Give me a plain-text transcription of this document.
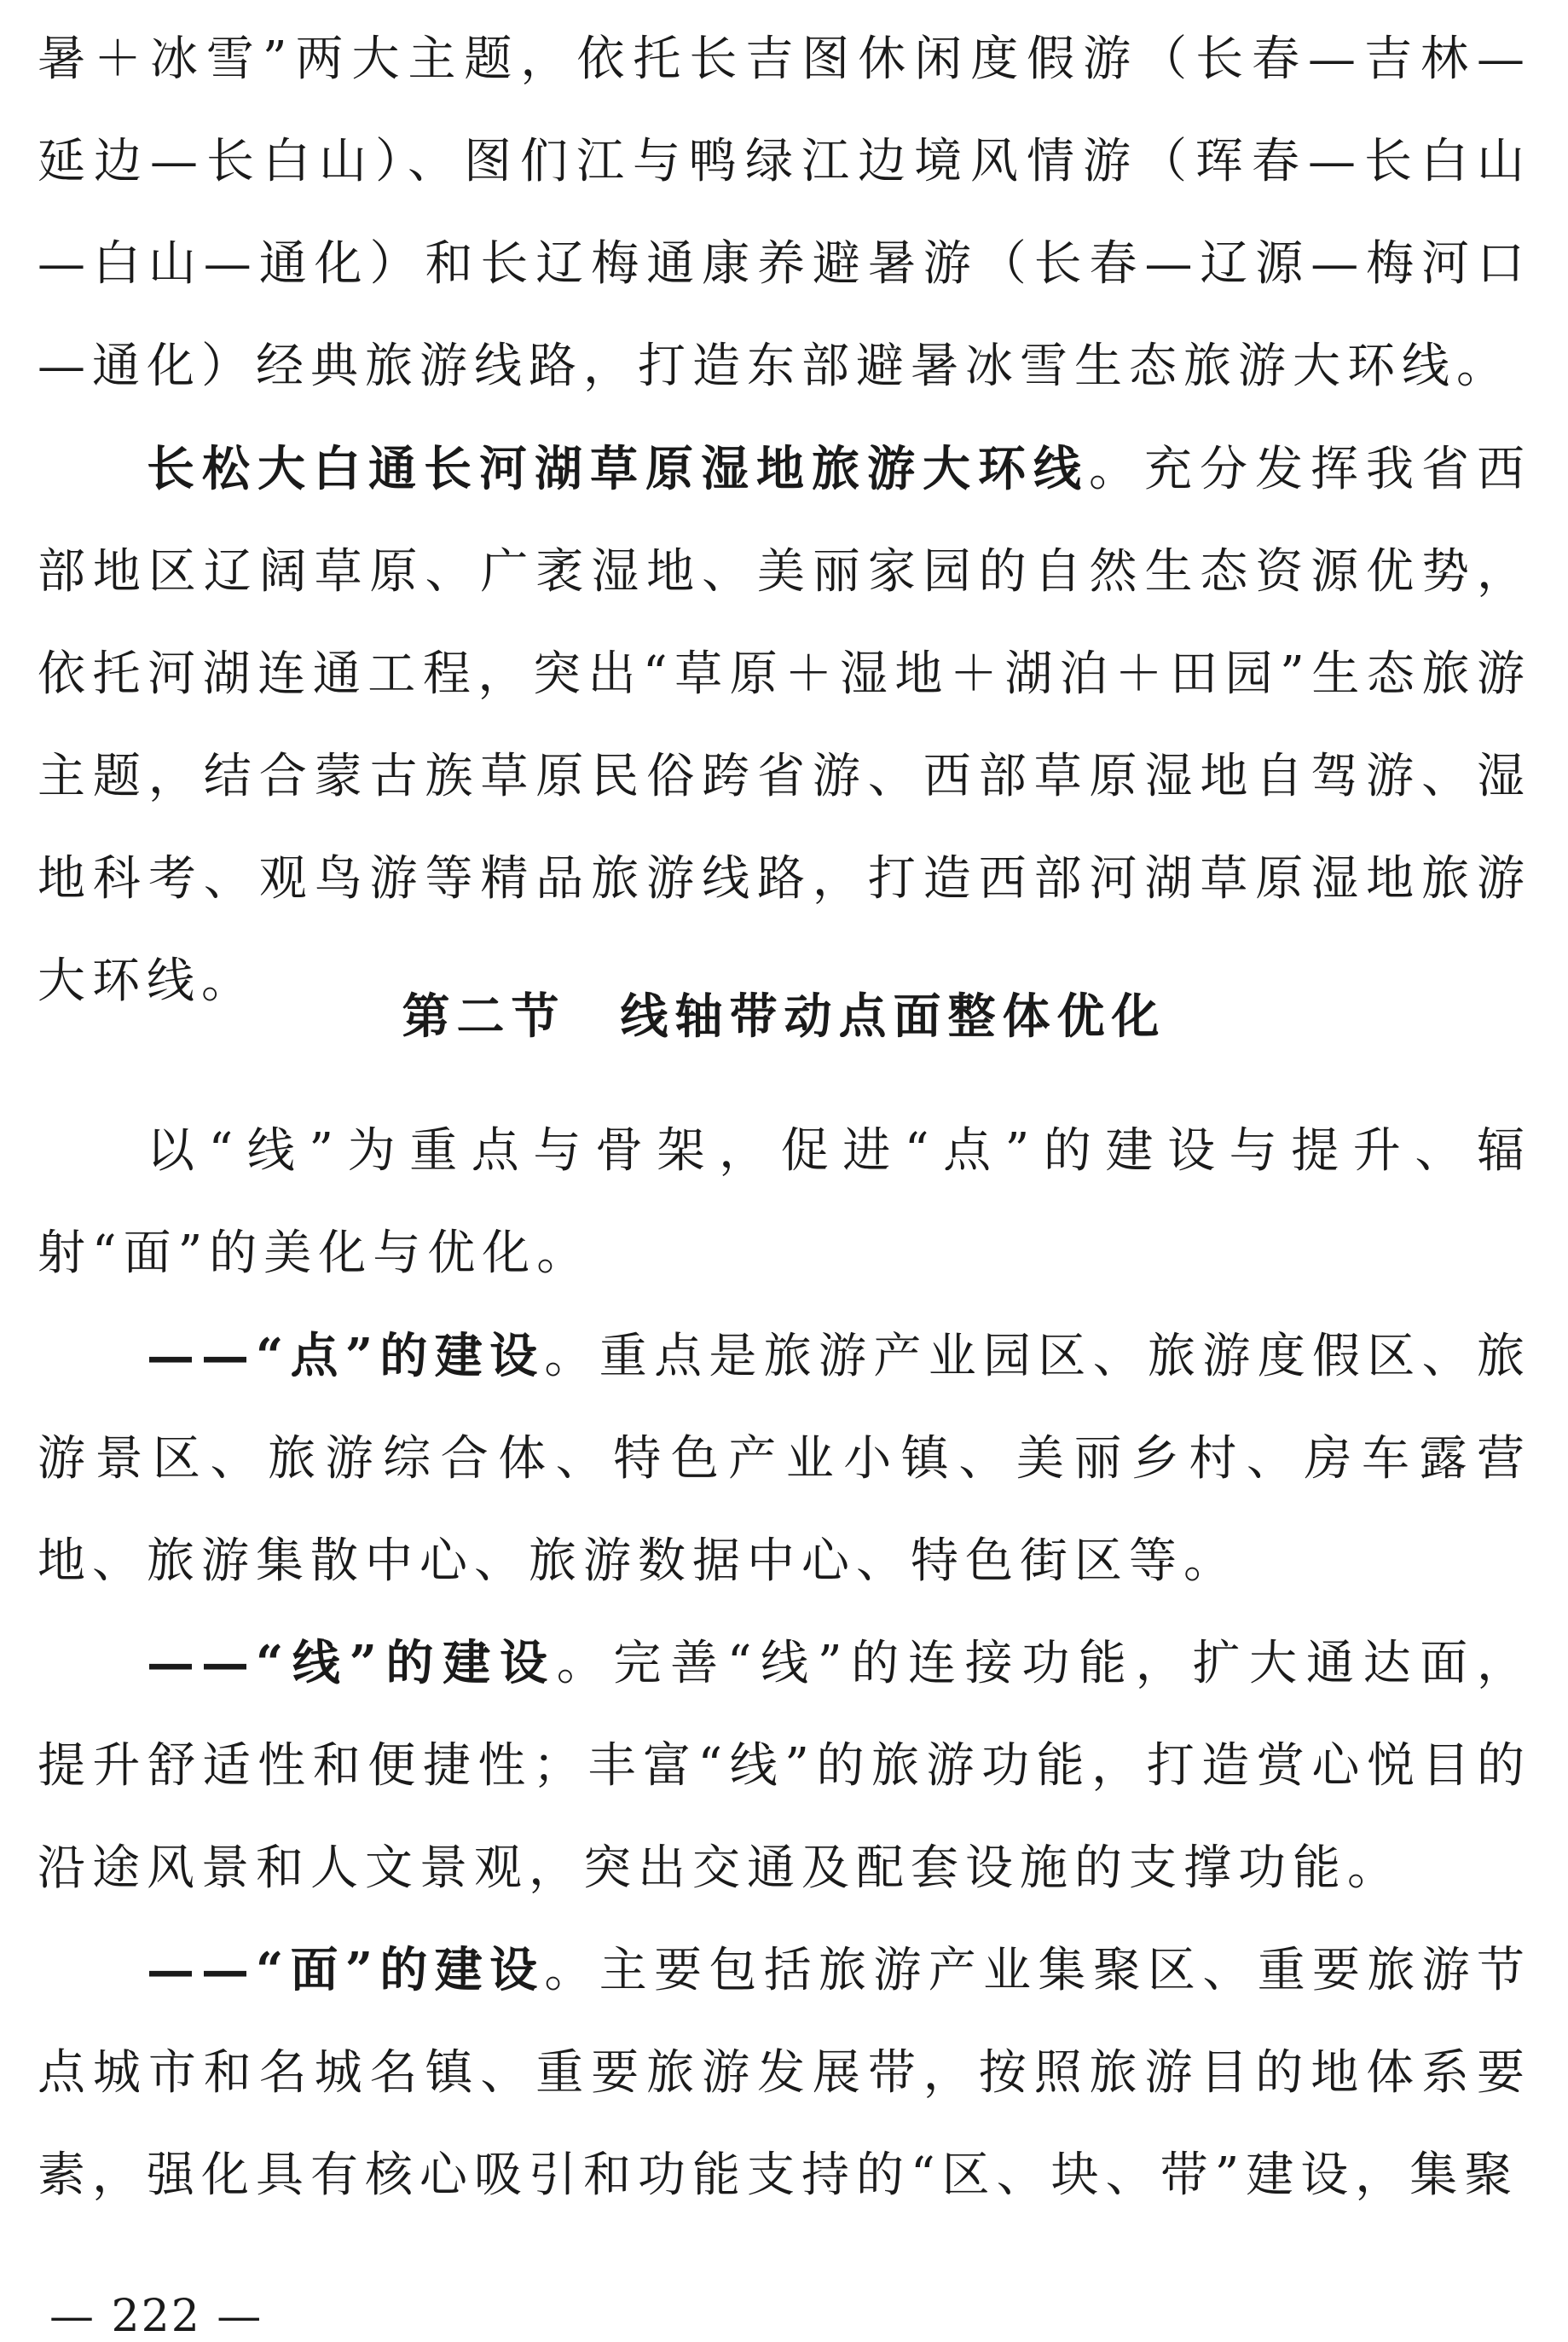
暑＋冰雪”两大主题，依托长吉图休闲度假游（长春—吉林—延边—长白山）、图们江与鸭绿江边境风情游（珲春—长白山—白山—通化）和长辽梅通康养避暑游（长春—辽源—梅河口—通化）经典旅游线路，打造东部避暑冰雪生态旅游大环线。

长松大白通长河湖草原湿地旅游大环线。充分发挥我省西部地区辽阔草原、广袤湿地、美丽家园的自然生态资源优势，依托河湖连通工程，突出“草原＋湿地＋湖泊＋田园”生态旅游主题，结合蒙古族草原民俗跨省游、西部草原湿地自驾游、湿地科考、观鸟游等精品旅游线路，打造西部河湖草原湿地旅游大环线。

第二节 线轴带动点面整体优化

以“线”为重点与骨架，促进“点”的建设与提升、辐射“面”的美化与优化。

——“点”的建设。重点是旅游产业园区、旅游度假区、旅游景区、旅游综合体、特色产业小镇、美丽乡村、房车露营地、旅游集散中心、旅游数据中心、特色街区等。

——“线”的建设。完善“线”的连接功能，扩大通达面，提升舒适性和便捷性；丰富“线”的旅游功能，打造赏心悦目的沿途风景和人文景观，突出交通及配套设施的支撑功能。

——“面”的建设。主要包括旅游产业集聚区、重要旅游节点城市和名城名镇、重要旅游发展带，按照旅游目的地体系要素，强化具有核心吸引和功能支持的“区、块、带”建设，集聚

— 222 —
